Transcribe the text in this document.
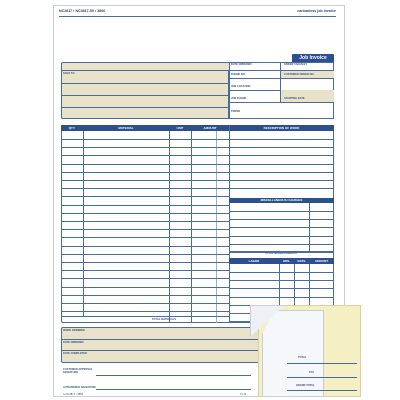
NC2817 • NC3817-50 • 3866	carbonless job invoice
Job Invoice
SOLD TO
DATE ORDERED	ORDER TAKEN BY
PHONE NO.	CUSTOMER ORDER NO.
JOB LOCATION
JOB PHONE	STARTING DATE
TERMS
QTY.	MATERIAL	UNIT	AMOUNT	DESCRIPTION OF WORK
TOTAL MATERIALS
MISCELLANEOUS CHARGES
TOTAL MISCELLANEOUS
LABOR	HRS.	RATE	AMOUNT
WORK ORDERED
DATE ORDERED
DATE COMPLETED
CUSTOMER APPROVAL SIGNATURE
AUTHORIZED SIGNATURE
A-NC2817 / 3866	CI-11
TOTAL
TAX
GRAND TOTAL
